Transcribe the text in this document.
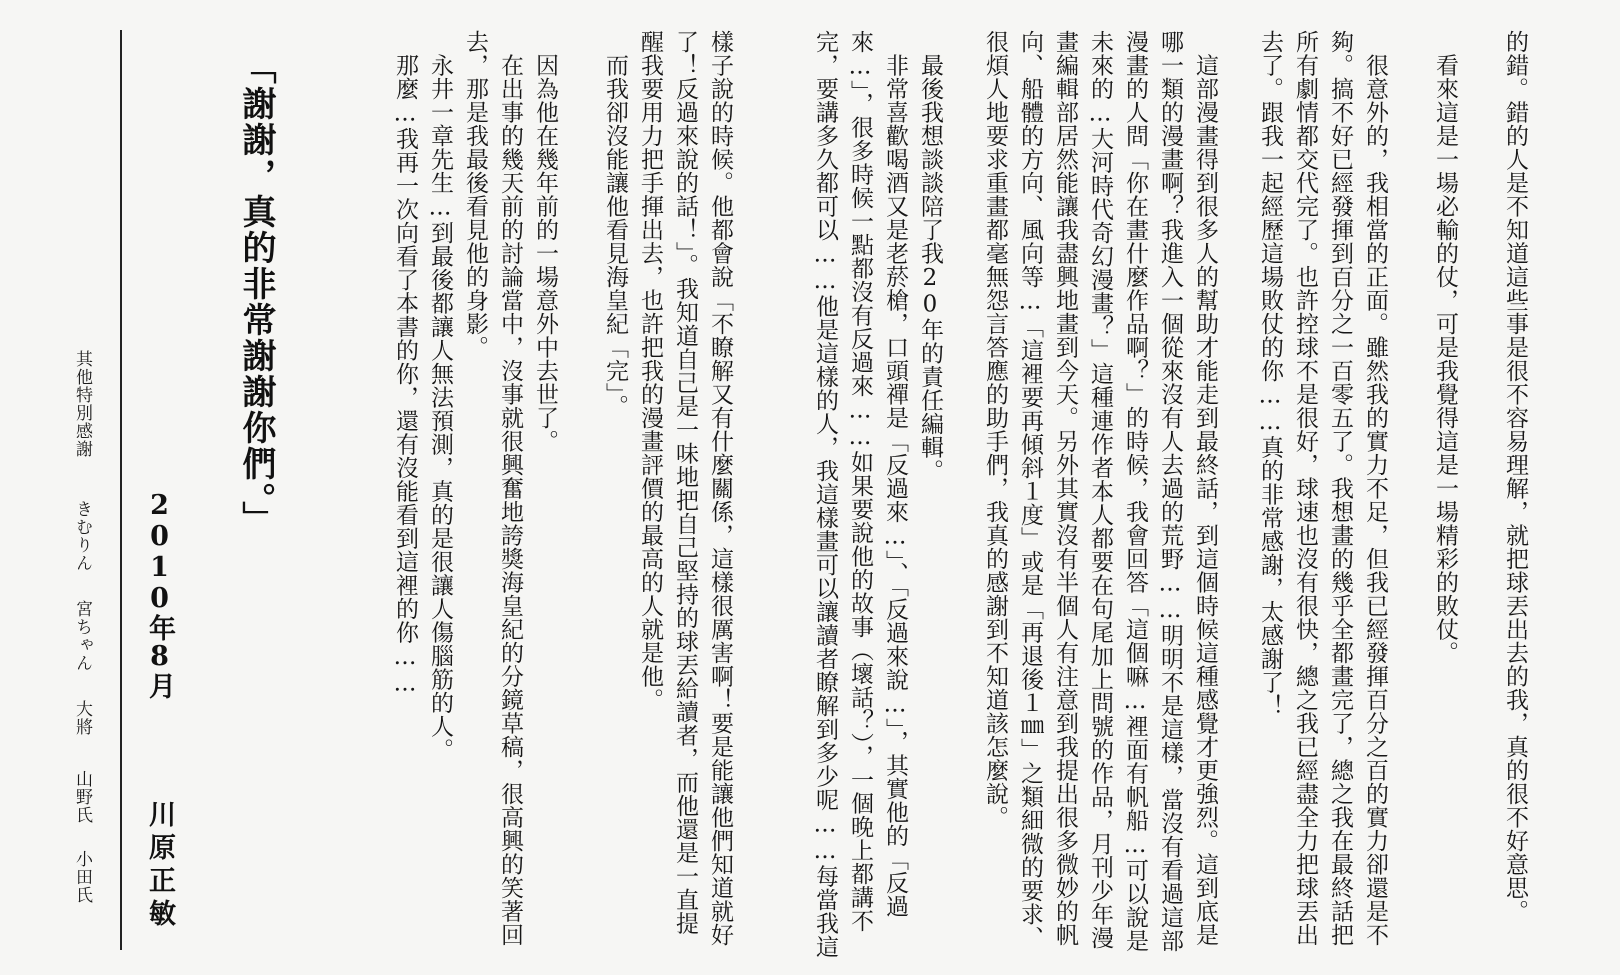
的錯。錯的人是不知道這些事是很不容易理解，就把球丟出去的我，真的很不好意思。
　看來這是一場必輸的仗，可是我覺得這是一場精彩的敗仗。
　很意外的，我相當的正面。雖然我的實力不足，但我已經發揮百分之百的實力卻還是不
夠。搞不好已經發揮到百分之一百零五了。我想畫的幾乎全都畫完了，總之我在最終話把
所有劇情都交代完了。也許控球不是很好，球速也沒有很快，總之我已經盡全力把球丟出
去了。跟我一起經歷這場敗仗的你……真的非常感謝，太感謝了！
　這部漫畫得到很多人的幫助才能走到最終話，到這個時候這種感覺才更強烈。這到底是
哪一類的漫畫啊？我進入一個從來沒有人去過的荒野……明明不是這樣，當沒有看過這部
漫畫的人問「你在畫什麼作品啊？」的時候，我會回答「這個嘛…裡面有帆船…可以說是
未來的…大河時代奇幻漫畫？」這種連作者本人都要在句尾加上問號的作品，月刊少年漫
畫編輯部居然能讓我盡興地畫到今天。另外其實沒有半個人有注意到我提出很多微妙的帆
向、船體的方向、風向等…「這裡要再傾斜１度」或是「再退後１㎜」之類細微的要求、
很煩人地要求重畫都毫無怨言答應的助手們，我真的感謝到不知道該怎麼說。
　最後我想談談陪了我20年的責任編輯。
　非常喜歡喝酒又是老菸槍，口頭禪是「反過來…」、「反過來說…」，其實他的「反過
來…」，很多時候一點都沒有反過來……如果要說他的故事（壞話？），一個晚上都講不
完，要講多久都可以……他是這樣的人，我這樣畫可以讓讀者瞭解到多少呢……每當我這
樣子說的時候。他都會說「不瞭解又有什麼關係，這樣很厲害啊！要是能讓他們知道就好
了！反過來說的話！」。我知道自己是一味地把自己堅持的球丟給讀者，而他還是一直提
醒我要用力把手揮出去，也許把我的漫畫評價的最高的人就是他。
　而我卻沒能讓他看見海皇紀「完」。
　因為他在幾年前的一場意外中去世了。
　在出事的幾天前的討論當中，沒事就很興奮地誇獎海皇紀的分鏡草稿，很高興的笑著回
去，那是我最後看見他的身影。
　永井一章先生…到最後都讓人無法預測，真的是很讓人傷腦筋的人。
　那麼…我再一次向看了本書的你，還有沒能看到這裡的你……
「謝謝，真的非常謝謝你們。」
2010年8月
川原正敏
其他特別感謝
きむりん
宮ちゃん
大將
山野氏
小田氏
